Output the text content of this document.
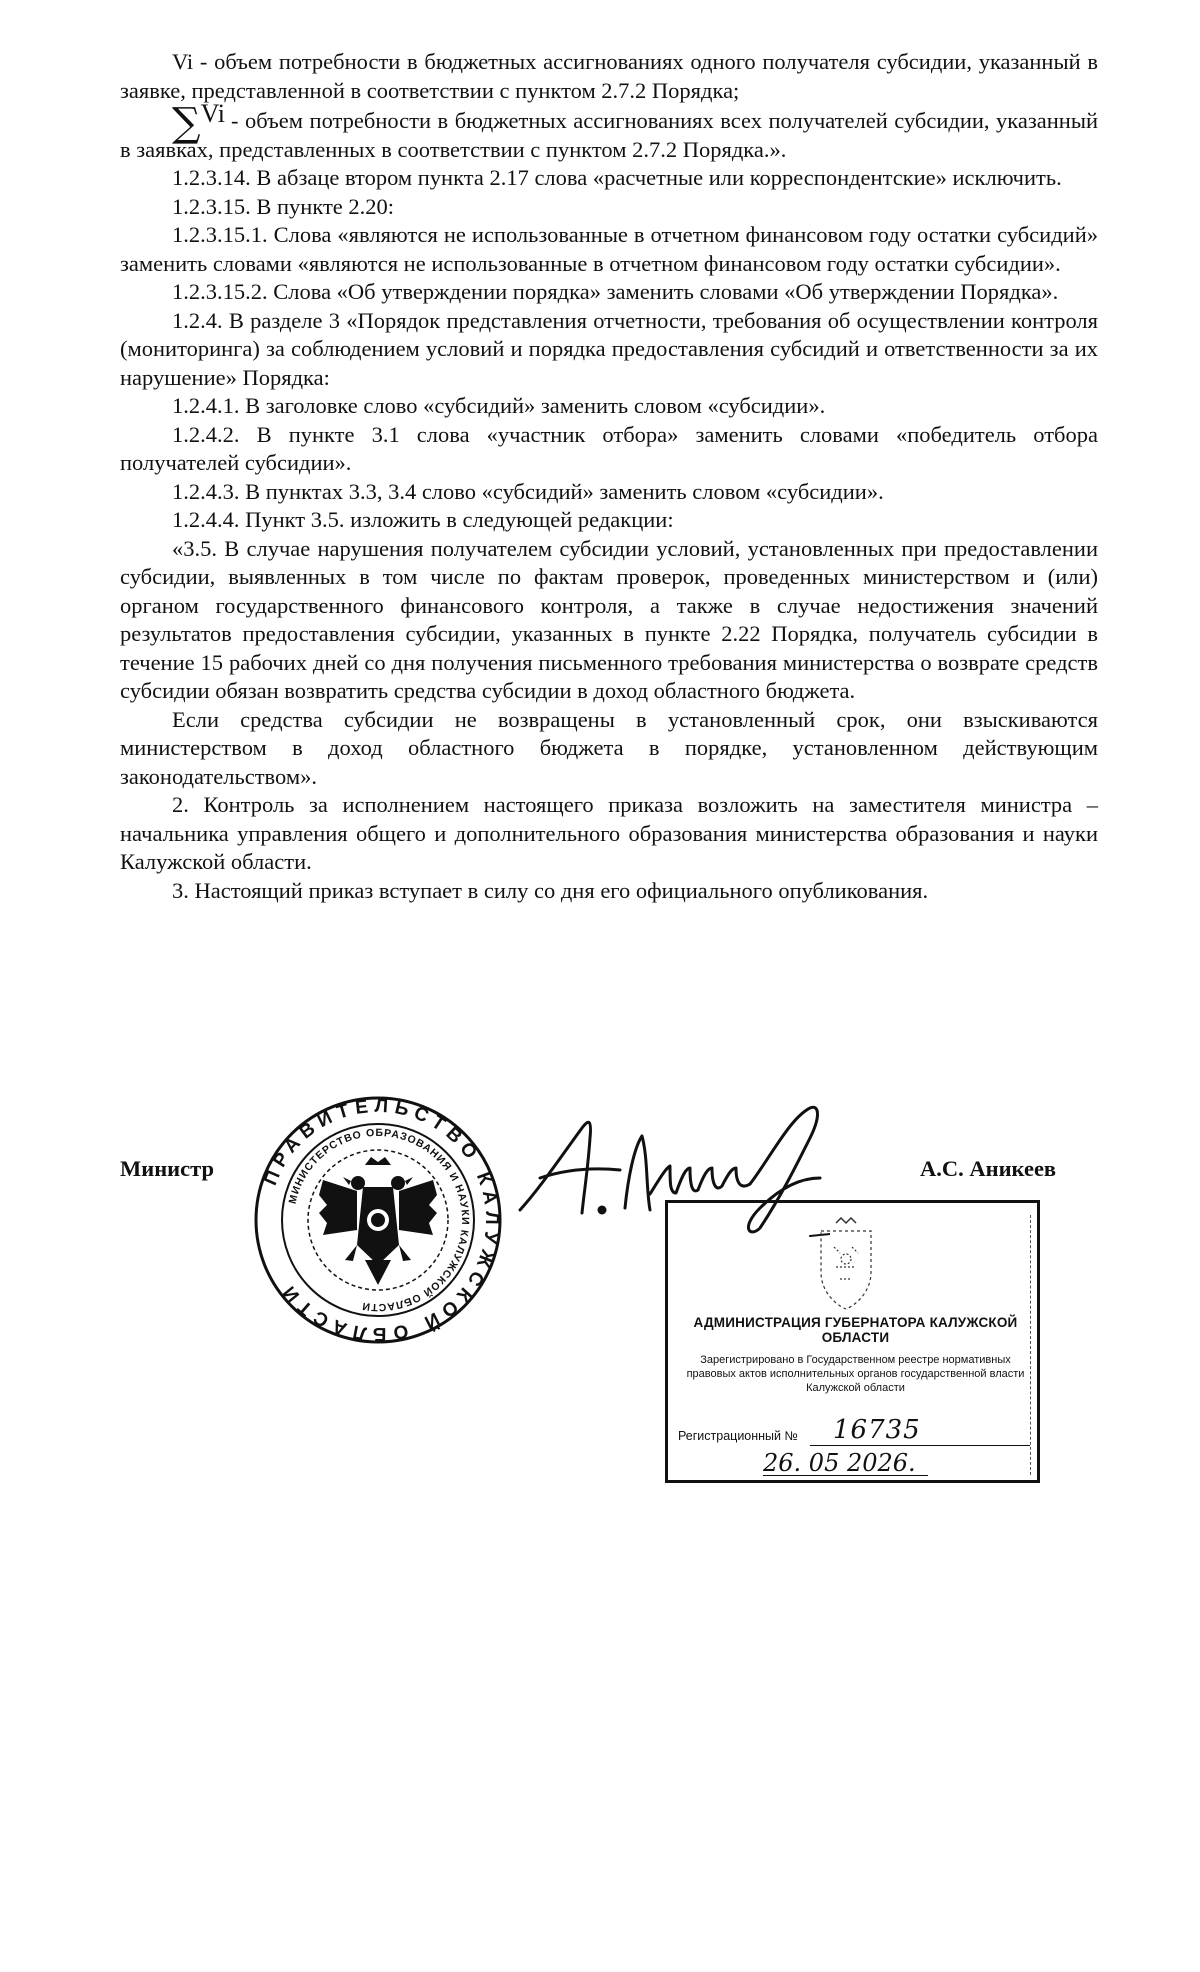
Vi - объем потребности в бюджетных ассигнованиях одного получателя субсидии, указанный в заявке, представленной в соответствии с пунктом 2.7.2 Порядка;

∑Vi - объем потребности в бюджетных ассигнованиях всех получателей субсидии, указанный в заявках, представленных в соответствии с пунктом 2.7.2 Порядка.».

1.2.3.14. В абзаце втором пункта 2.17 слова «расчетные или корреспондентские» исключить.

1.2.3.15. В пункте 2.20:

1.2.3.15.1. Слова «являются не использованные в отчетном финансовом году остатки субсидий» заменить словами «являются не использованные в отчетном финансовом году остатки субсидии».

1.2.3.15.2. Слова «Об утверждении порядка» заменить словами «Об утверждении Порядка».

1.2.4. В разделе 3 «Порядок представления отчетности, требования об осуществлении контроля (мониторинга) за соблюдением условий и порядка предоставления субсидий и ответственности за их нарушение» Порядка:

1.2.4.1. В заголовке слово «субсидий» заменить словом «субсидии».

1.2.4.2. В пункте 3.1 слова «участник отбора» заменить словами «победитель отбора получателей субсидии».

1.2.4.3. В пунктах 3.3, 3.4 слово «субсидий» заменить словом «субсидии».

1.2.4.4. Пункт 3.5. изложить в следующей редакции:

«3.5. В случае нарушения получателем субсидии условий, установленных при предоставлении субсидии, выявленных в том числе по фактам проверок, проведенных министерством и (или) органом государственного финансового контроля, а также в случае недостижения значений результатов предоставления субсидии, указанных в пункте 2.22 Порядка, получатель субсидии в течение 15 рабочих дней со дня получения письменного требования министерства о возврате средств субсидии обязан возвратить средства субсидии в доход областного бюджета.

Если средства субсидии не возвращены в установленный срок, они взыскиваются министерством в доход областного бюджета в порядке, установленном действующим законодательством».

2. Контроль за исполнением настоящего приказа возложить на заместителя министра – начальника управления общего и дополнительного образования министерства образования и науки Калужской области.

3. Настоящий приказ вступает в силу со дня его официального опубликования.

Министр	А.С. Аникеев
ПРАВИТЕЛЬСТВО КАЛУЖСКОЙ ОБЛАСТИ
МИНИСТЕРСТВО ОБРАЗОВАНИЯ И НАУКИ КАЛУЖСКОЙ ОБЛАСТИ
АДМИНИСТРАЦИЯ ГУБЕРНАТОРА КАЛУЖСКОЙ ОБЛАСТИ
Зарегистрировано в Государственном реестре нормативных правовых актов исполнительных органов государственной власти Калужской области
Регистрационный № 16735
26. 05 2026.
